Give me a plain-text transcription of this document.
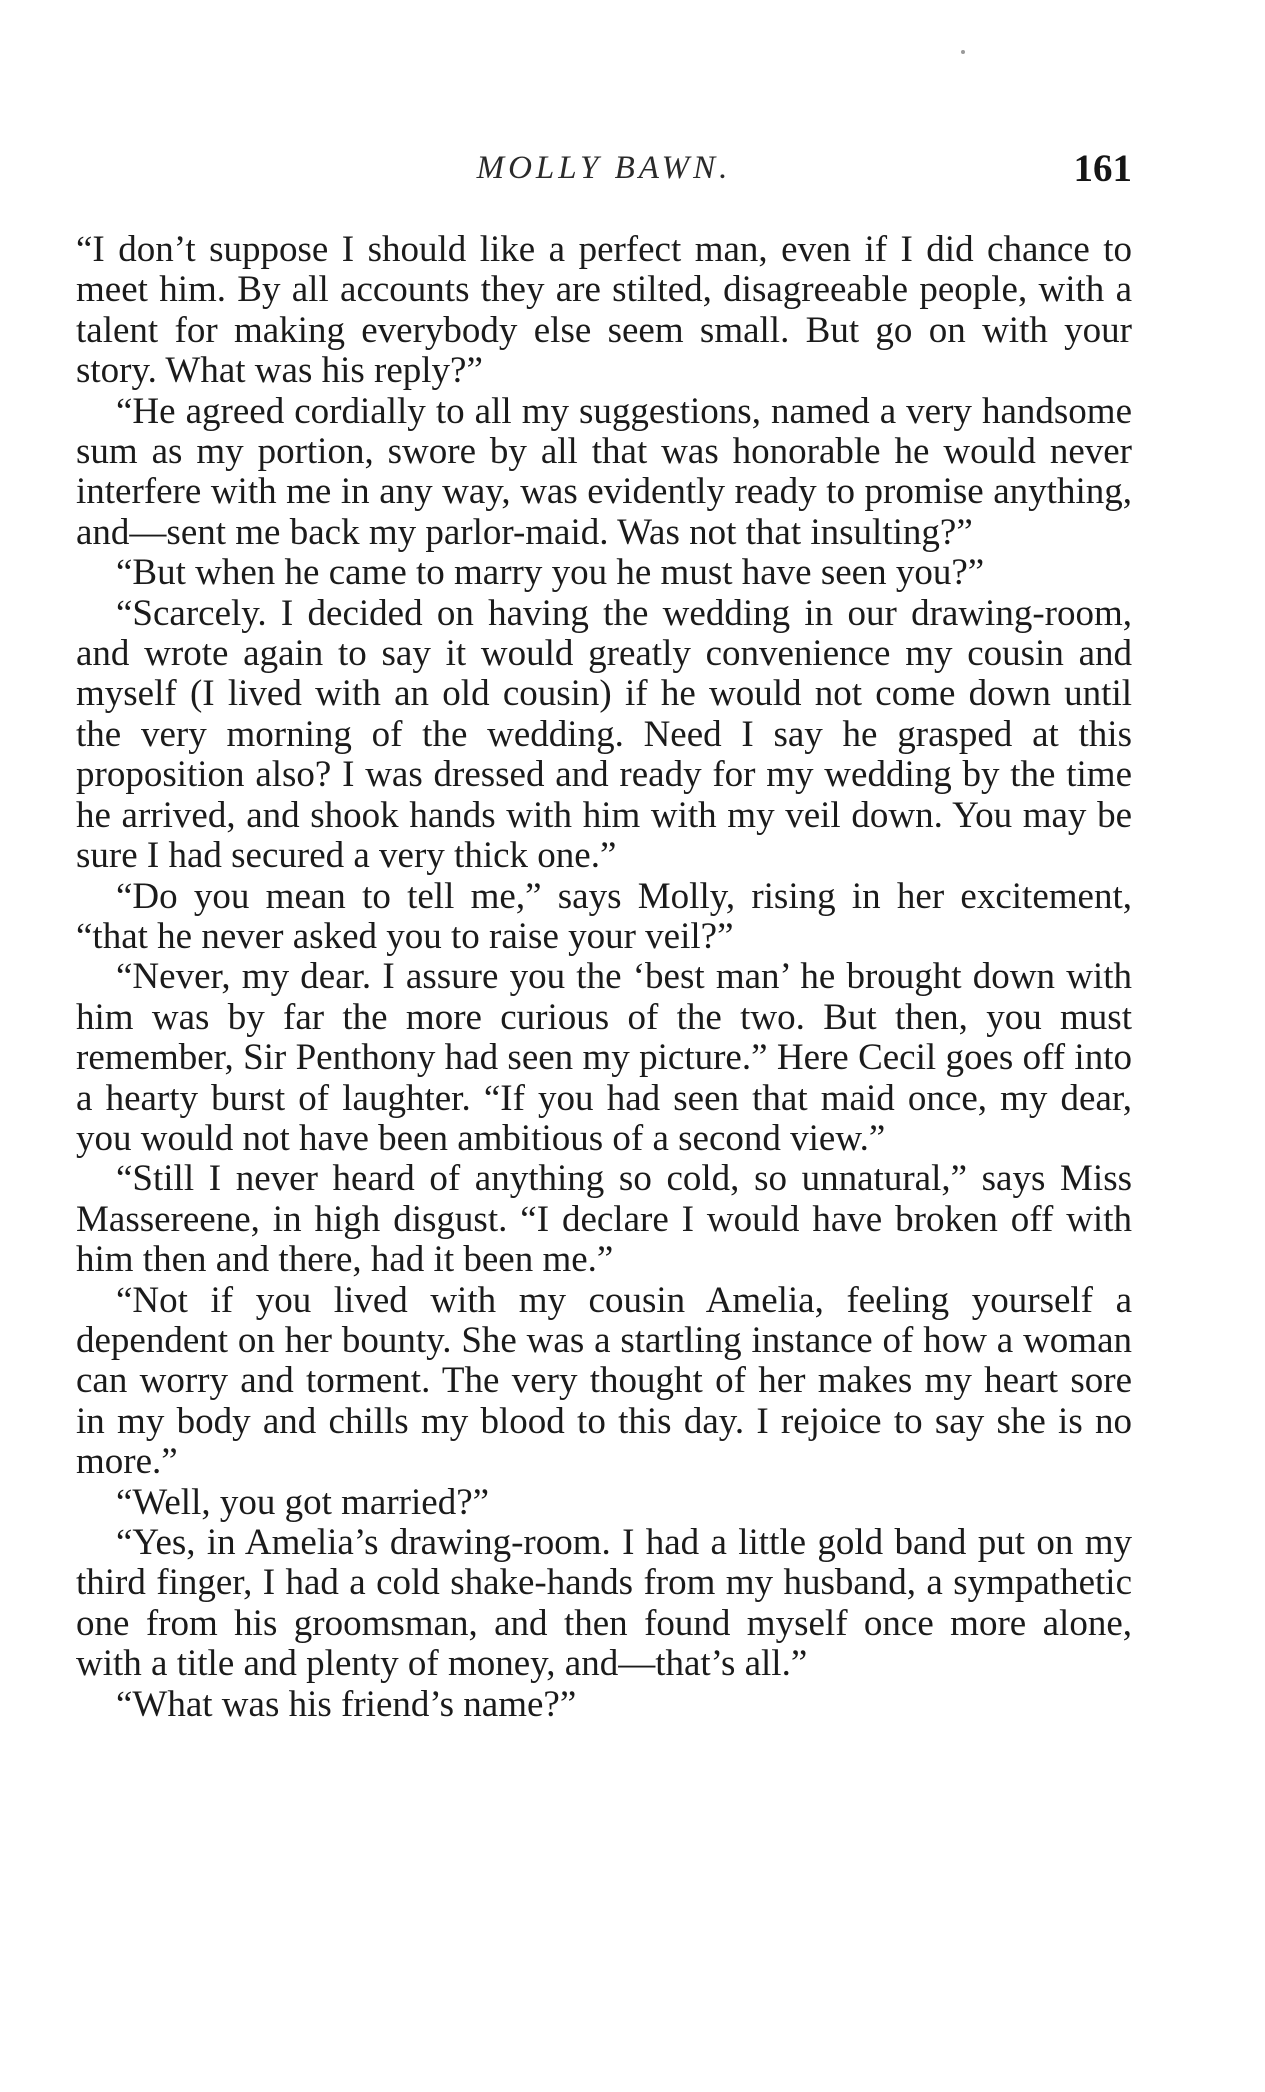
MOLLY BAWN.	161

“I don’t suppose I should like a perfect man, even if I did chance to meet him. By all accounts they are stilted, disagreeable people, with a talent for making everybody else seem small. But go on with your story. What was his reply?”

“He agreed cordially to all my suggestions, named a very handsome sum as my portion, swore by all that was honorable he would never interfere with me in any way, was evidently ready to promise anything, and—sent me back my parlor-maid. Was not that insulting?”

“But when he came to marry you he must have seen you?”

“Scarcely. I decided on having the wedding in our drawing-room, and wrote again to say it would greatly convenience my cousin and myself (I lived with an old cousin) if he would not come down until the very morning of the wedding. Need I say he grasped at this proposition also? I was dressed and ready for my wedding by the time he arrived, and shook hands with him with my veil down. You may be sure I had secured a very thick one.”

“Do you mean to tell me,” says Molly, rising in her excitement, “that he never asked you to raise your veil?”

“Never, my dear. I assure you the ‘best man’ he brought down with him was by far the more curious of the two. But then, you must remember, Sir Penthony had seen my picture.” Here Cecil goes off into a hearty burst of laughter. “If you had seen that maid once, my dear, you would not have been ambitious of a second view.”

“Still I never heard of anything so cold, so unnatural,” says Miss Massereene, in high disgust. “I declare I would have broken off with him then and there, had it been me.”

“Not if you lived with my cousin Amelia, feeling yourself a dependent on her bounty. She was a startling instance of how a woman can worry and torment. The very thought of her makes my heart sore in my body and chills my blood to this day. I rejoice to say she is no more.”

“Well, you got married?”

“Yes, in Amelia’s drawing-room. I had a little gold band put on my third finger, I had a cold shake-hands from my husband, a sympathetic one from his groomsman, and then found myself once more alone, with a title and plenty of money, and—that’s all.”

“What was his friend’s name?”
